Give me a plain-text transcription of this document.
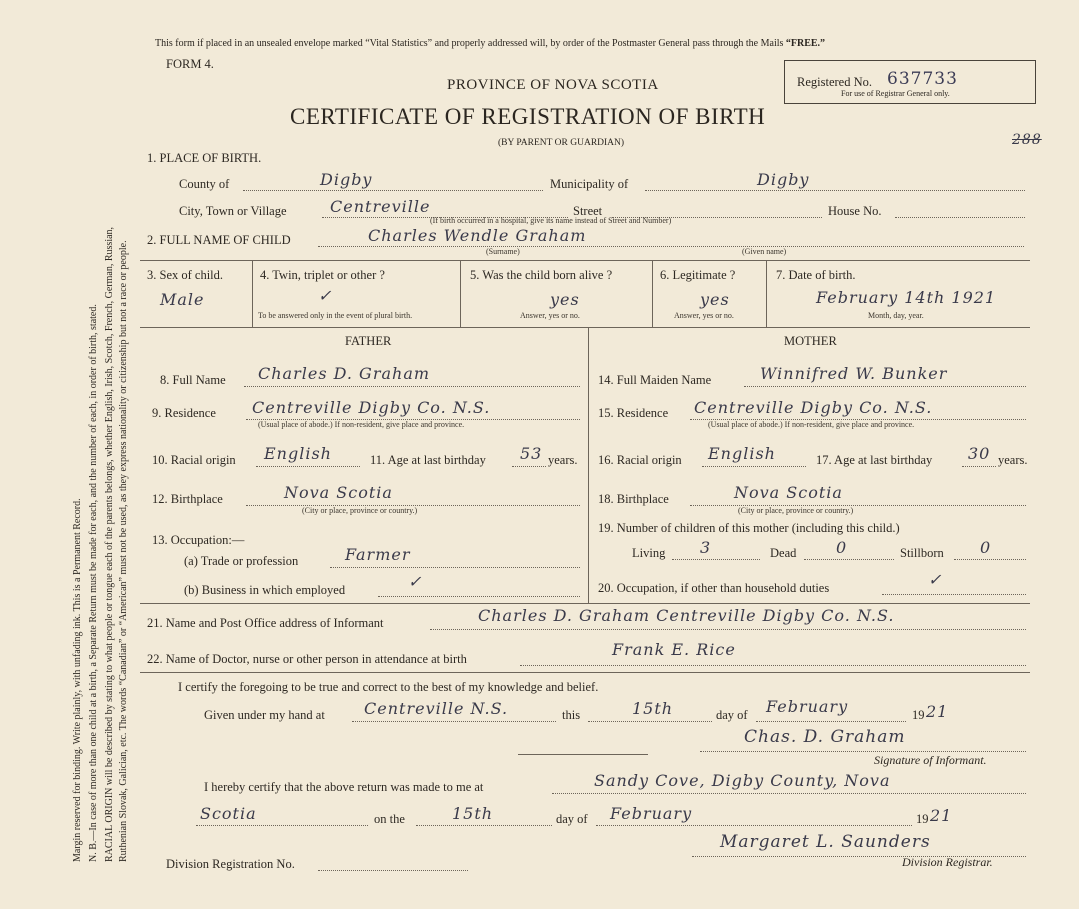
Margin reserved for binding. Write plainly, with unfading ink. This is a Permanent Record. N. B.—In case of more than one child at a birth, a Separate Return must be made for each, and the number of each, in order of birth, stated. RACIAL ORIGIN will be described by stating to what people or tongue each of the parents belongs, whether English, Irish, Scotch, French, German, Russian, Ruthenian Slovak, Galician, etc. The words “Canadian” or “American” must not be used, as they express nationality or citizenship but not a race or people.
This form if placed in an unsealed envelope marked “Vital Statistics” and properly addressed will, by order of the Postmaster General pass through the Mails “FREE.”
FORM 4.
PROVINCE OF NOVA SCOTIA
CERTIFICATE OF REGISTRATION OF BIRTH
(BY PARENT OR GUARDIAN)
Registered No. 637733
For use of Registrar General only.
288
1. PLACE OF BIRTH.
County of	Digby	Municipality of	Digby
City, Town or Village	Centreville	Street	House No.
(If birth occurred in a hospital, give its name instead of Street and Number)
2. FULL NAME OF CHILD	Charles Wendle Graham
(Surname)	(Given name)
3. Sex of child.
Male
4. Twin, triplet or other ?
✓
To be answered only in the event of plural birth.
5. Was the child born alive ?
yes
Answer, yes or no.
6. Legitimate ?
yes
Answer, yes or no.
7. Date of birth.
February 14th 1921
Month, day, year.
FATHER
8. Full Name Charles D. Graham
9. Residence Centreville Digby Co. N.S.
(Usual place of abode.) If non-resident, give place and province.
10. Racial origin English	11. Age at last birthday 53 years.
12. Birthplace	Nova Scotia
(City or place, province or country.)
13. Occupation:—
(a) Trade or profession	Farmer
(b) Business in which employed	✓
MOTHER
14. Full Maiden Name	Winnifred W. Bunker
15. Residence Centreville Digby Co. N.S.
(Usual place of abode.) If non-resident, give place and province.
16. Racial origin English	17. Age at last birthday 30 years.
18. Birthplace	Nova Scotia
(City or place, province or country.)
19. Number of children of this mother (including this child.)
Living 3	Dead 0	Stillborn 0
20. Occupation, if other than household duties	✓
21. Name and Post Office address of Informant	Charles D. Graham Centreville Digby Co. N.S.
22. Name of Doctor, nurse or other person in attendance at birth	Frank E. Rice
I certify the foregoing to be true and correct to the best of my knowledge and belief.
Given under my hand at Centreville N.S.	this	15th	day of February	19 21
Chas. D. Graham
Signature of Informant.
I hereby certify that the above return was made to me at	Sandy Cove, Digby County, Nova
Scotia	on the	15th	day of February	19 21
Margaret L. Saunders
Division Registrar.
Division Registration No.
